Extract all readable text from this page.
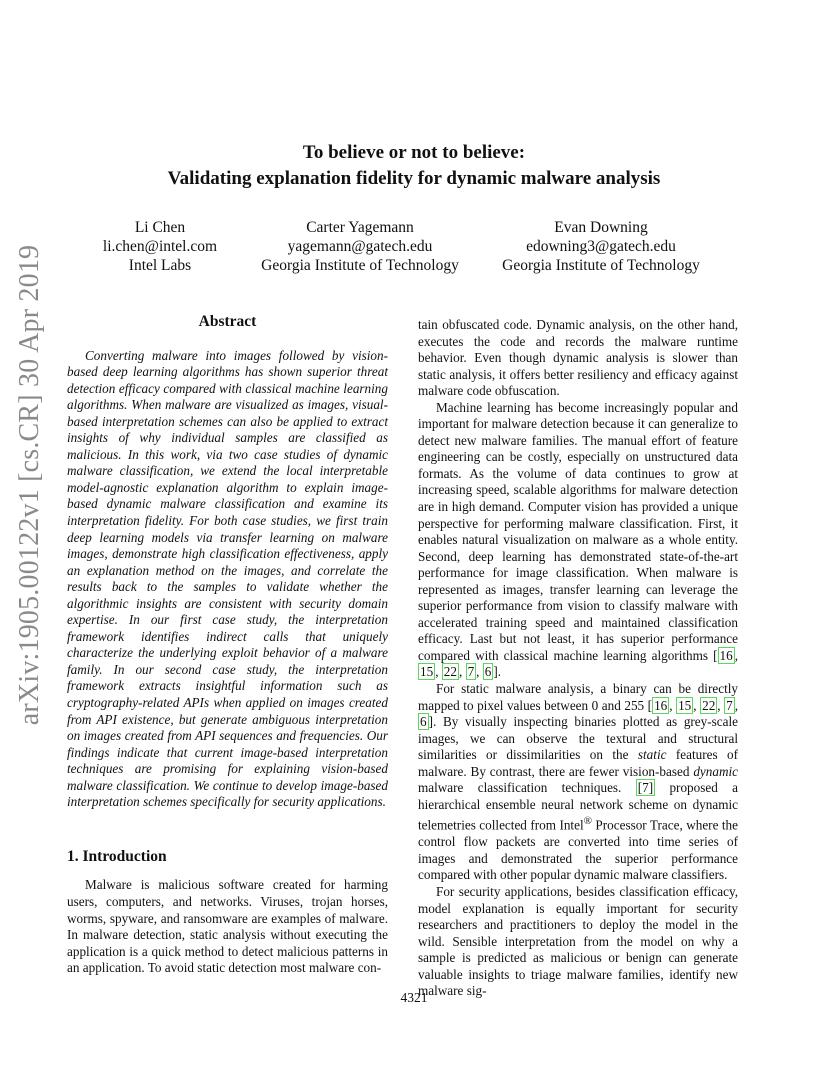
arXiv:1905.00122v1 [cs.CR] 30 Apr 2019
To believe or not to believe:
Validating explanation fidelity for dynamic malware analysis
Li Chen
li.chen@intel.com
Intel Labs
Carter Yagemann
yagemann@gatech.edu
Georgia Institute of Technology
Evan Downing
edowning3@gatech.edu
Georgia Institute of Technology
Abstract

Converting malware into images followed by vision-based deep learning algorithms has shown superior threat detection efficacy compared with classical machine learning algorithms. When malware are visualized as images, visual-based interpretation schemes can also be applied to extract insights of why individual samples are classified as malicious. In this work, via two case studies of dynamic malware classification, we extend the local interpretable model-agnostic explanation algorithm to explain image-based dynamic malware classification and examine its interpretation fidelity. For both case studies, we first train deep learning models via transfer learning on malware images, demonstrate high classification effectiveness, apply an explanation method on the images, and correlate the results back to the samples to validate whether the algorithmic insights are consistent with security domain expertise. In our first case study, the interpretation framework identifies indirect calls that uniquely characterize the underlying exploit behavior of a malware family. In our second case study, the interpretation framework extracts insightful information such as cryptography-related APIs when applied on images created from API existence, but generate ambiguous interpretation on images created from API sequences and frequencies. Our findings indicate that current image-based interpretation techniques are promising for explaining vision-based malware classification. We continue to develop image-based interpretation schemes specifically for security applications.

1. Introduction

Malware is malicious software created for harming users, computers, and networks. Viruses, trojan horses, worms, spyware, and ransomware are examples of malware. In malware detection, static analysis without executing the application is a quick method to detect malicious patterns in an application. To avoid static detection most malware con-

tain obfuscated code. Dynamic analysis, on the other hand, executes the code and records the malware runtime behavior. Even though dynamic analysis is slower than static analysis, it offers better resiliency and efficacy against malware code obfuscation.

Machine learning has become increasingly popular and important for malware detection because it can generalize to detect new malware families. The manual effort of feature engineering can be costly, especially on unstructured data formats. As the volume of data continues to grow at increasing speed, scalable algorithms for malware detection are in high demand. Computer vision has provided a unique perspective for performing malware classification. First, it enables natural visualization on malware as a whole entity. Second, deep learning has demonstrated state-of-the-art performance for image classification. When malware is represented as images, transfer learning can leverage the superior performance from vision to classify malware with accelerated training speed and maintained classification efficacy. Last but not least, it has superior performance compared with classical machine learning algorithms [ 16 , 15 , 22 , 7 , 6 ].

For static malware analysis, a binary can be directly mapped to pixel values between 0 and 255 [ 16 , 15 , 22 , 7 , 6 ]. By visually inspecting binaries plotted as grey-scale images, we can observe the textural and structural similarities or dissimilarities on the static features of malware. By contrast, there are fewer vision-based dynamic malware classification techniques. [7] proposed a hierarchical ensemble neural network scheme on dynamic telemetries collected from Intel® Processor Trace, where the control flow packets are converted into time series of images and demonstrated the superior performance compared with other popular dynamic malware classifiers.

For security applications, besides classification efficacy, model explanation is equally important for security researchers and practitioners to deploy the model in the wild. Sensible interpretation from the model on why a sample is predicted as malicious or benign can generate valuable insights to triage malware families, identify new malware sig-

4321
